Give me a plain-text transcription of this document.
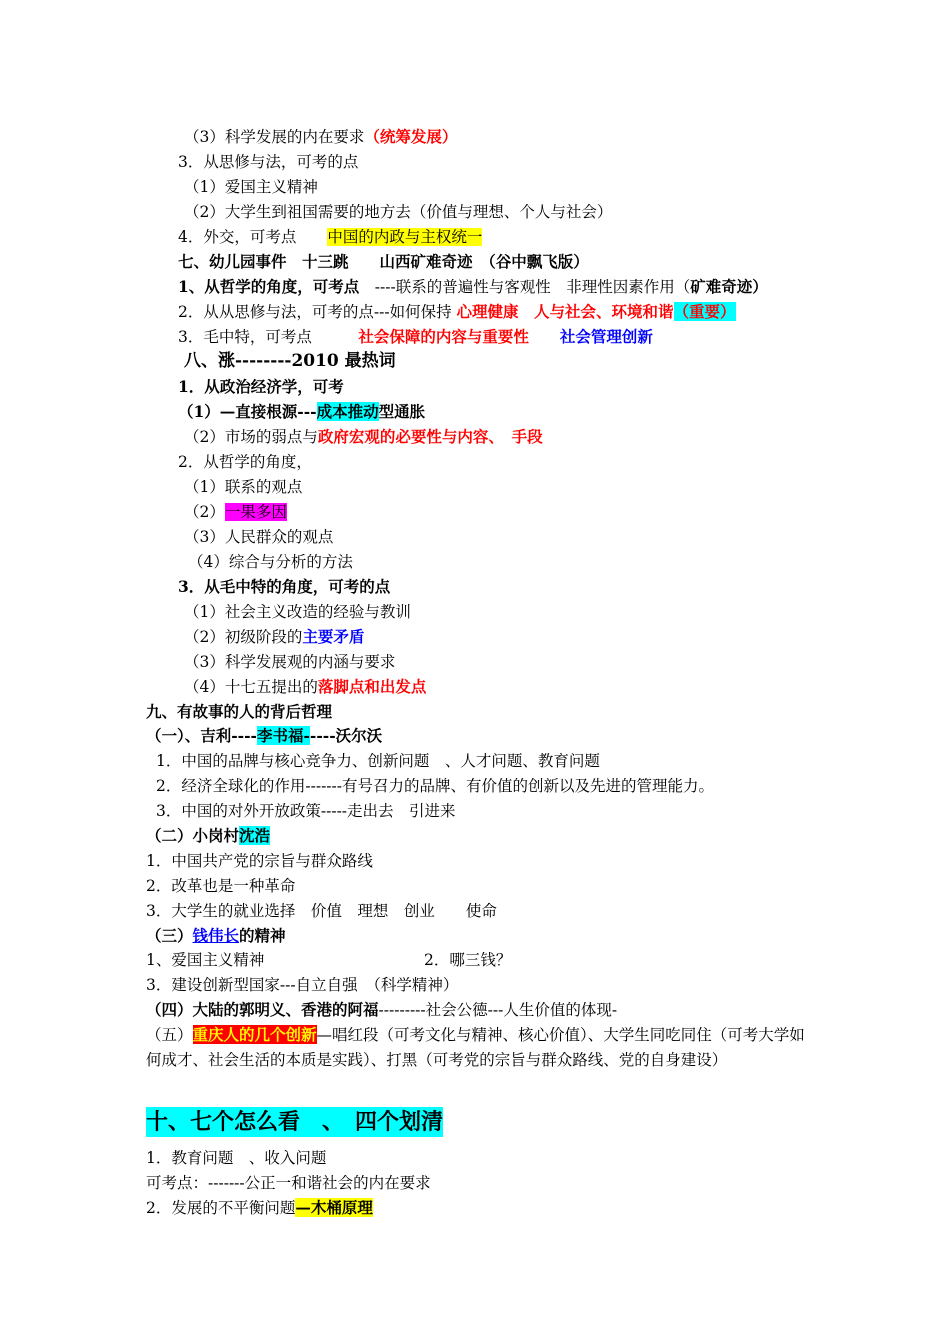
（3）科学发展的内在要求（统筹发展）
3．从思修与法，可考的点
（1）爱国主义精神
（2）大学生到祖国需要的地方去（价值与理想、个人与社会）
4．外交，可考点　　中国的内政与主权统一
七、幼儿园事件　十三跳　　山西矿难奇迹　（谷中飘飞版）
1、从哲学的角度，可考点　----联系的普遍性与客观性　非理性因素作用（矿难奇迹）
2．从从思修与法，可考的点---如何保持 心理健康　人与社会、环境和谐（重要）
3．毛中特，可考点　　　社会保障的内容与重要性　　社会管理创新
八、涨--------2010 最热词
1．从政治经济学，可考
（1）—直接根源---成本推动型通胀
（2）市场的弱点与政府宏观的必要性与内容、　手段
2．从哲学的角度，
（1）联系的观点
（2）一果多因
（3）人民群众的观点
（4）综合与分析的方法
3．从毛中特的角度，可考的点
（1）社会主义改造的经验与教训
（2）初级阶段的主要矛盾
（3）科学发展观的内涵与要求
（4）十七五提出的落脚点和出发点
九、有故事的人的背后哲理
（一）、吉利----李书福-----沃尔沃
1．中国的品牌与核心竞争力、创新问题　、人才问题、教育问题
2．经济全球化的作用-------有号召力的品牌、有价值的创新以及先进的管理能力。
3．中国的对外开放政策-----走出去　引进来
（二）小岗村沈浩
1．中国共产党的宗旨与群众路线
2．改革也是一种革命
3．大学生的就业选择　价值　理想　创业　　使命
（三）钱伟长的精神
1、爱国主义精神	2．哪三钱？
3．建设创新型国家---自立自强　（科学精神）
（四）大陆的郭明义、香港的阿福---------社会公德---人生价值的体现-
（五）重庆人的几个创新—唱红段（可考文化与精神、核心价值）、大学生同吃同住（可考大学如何成才、社会生活的本质是实践）、打黑（可考党的宗旨与群众路线、党的自身建设）
十、七个怎么看　、　四个划清
1．教育问题　、收入问题
可考点：-------公正一和谐社会的内在要求
2．发展的不平衡问题—木桶原理
